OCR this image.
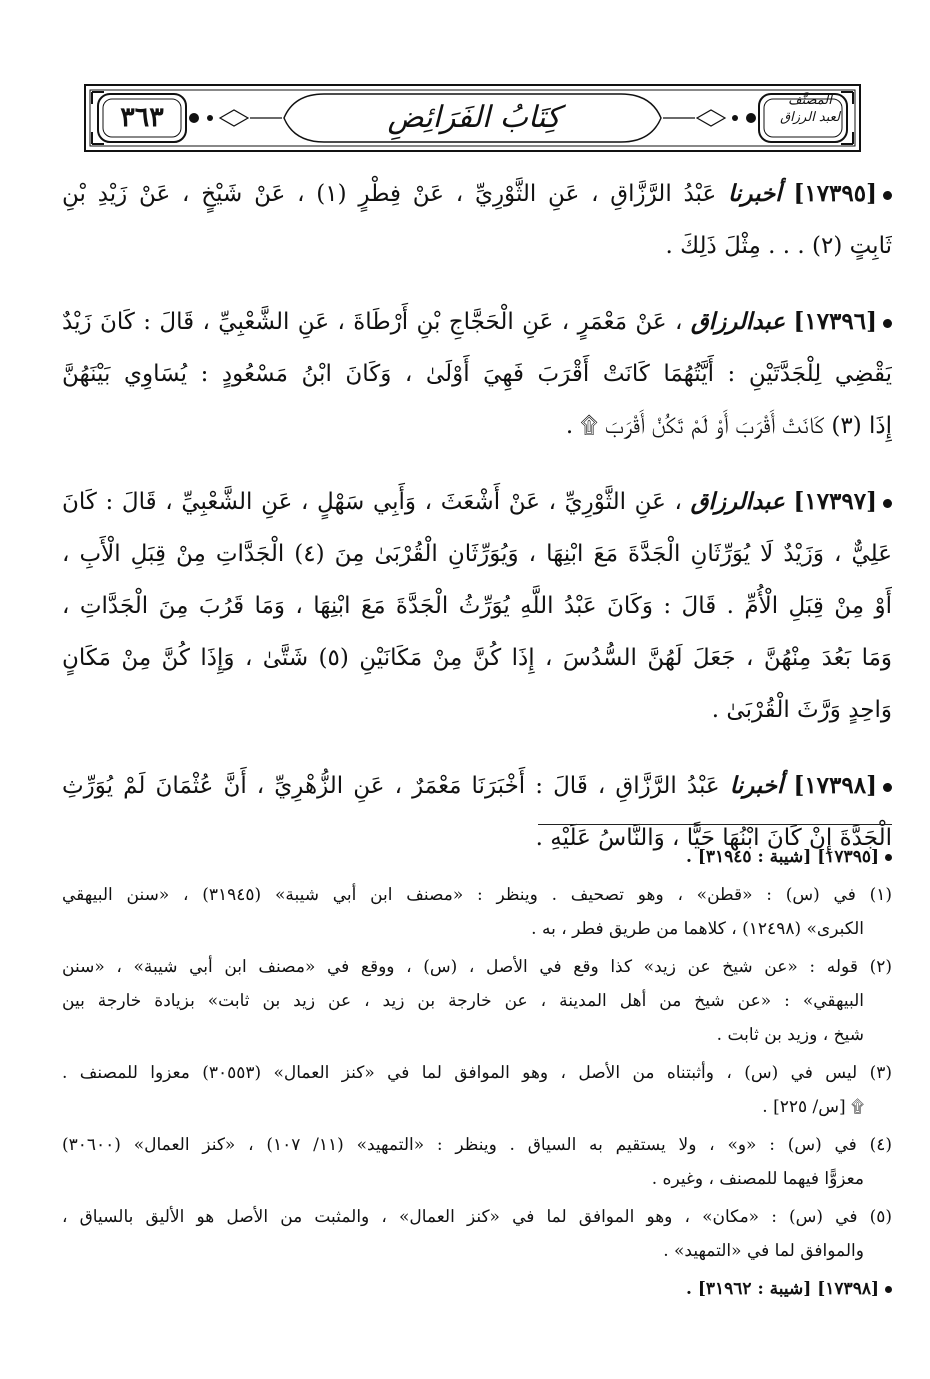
٣٦٣	كِتَابُ الفَرَائِضِ	المصنَّف
لعبد الرزاق
[١٧٣٩٥] أخبرنا عَبْدُ الرَّزَّاقِ ، عَنِ الثَّوْرِيِّ ، عَنْ فِطْرٍ (١) ، عَنْ شَيْخٍ ، عَنْ زَيْدِ بْنِ
ثَابِتٍ (٢) . . . مِثْلَ ذَلِكَ .
[١٧٣٩٦] عبدالرزاق ، عَنْ مَعْمَرٍ ، عَنِ الْحَجَّاجِ بْنِ أَرْطَاةَ ، عَنِ الشَّعْبِيِّ ، قَالَ : كَانَ زَيْدٌ
يَقْضِي لِلْجَدَّتَيْنِ : أَيَّتُهُمَا كَانَتْ أَقْرَبَ فَهِيَ أَوْلَىٰ ، وَكَانَ ابْنُ مَسْعُودٍ : يُسَاوِي بَيْنَهُنَّ
إِذَا (٣) كَانَتْ أَقْرَبَ أَوْ لَمْ تَكُنْ أَقْرَبَ ۩ .
[١٧٣٩٧] عبدالرزاق ، عَنِ الثَّوْرِيِّ ، عَنْ أَشْعَثَ ، وَأَبِي سَهْلٍ ، عَنِ الشَّعْبِيِّ ، قَالَ : كَانَ
عَلِيٌّ ، وَزَيْدٌ لَا يُوَرِّثَانِ الْجَدَّةَ مَعَ ابْنِهَا ، وَيُوَرِّثَانِ الْقُرْبَىٰ مِنَ (٤) الْجَدَّاتِ مِنْ قِبَلِ الْأَبِ ،
أَوْ مِنْ قِبَلِ الْأُمِّ . قَالَ : وَكَانَ عَبْدُ اللَّهِ يُوَرِّثُ الْجَدَّةَ مَعَ ابْنِهَا ، وَمَا قَرُبَ مِنَ الْجَدَّاتِ ،
وَمَا بَعُدَ مِنْهُنَّ ، جَعَلَ لَهُنَّ السُّدُسَ ، إِذَا كُنَّ مِنْ مَكَانَيْنِ (٥) شَتَّىٰ ، وَإِذَا كُنَّ مِنْ مَكَانٍ
وَاحِدٍ وَرَّثَ الْقُرْبَىٰ .
[١٧٣٩٨] أخبرنا عَبْدُ الرَّزَّاقِ ، قَالَ : أَخْبَرَنَا مَعْمَرٌ ، عَنِ الزُّهْرِيِّ ، أَنَّ عُثْمَانَ لَمْ يُوَرِّثِ
الْجَدَّةَ إِنْ كَانَ ابْنُهَا حَيًّا ، وَالنَّاسُ عَلَيْهِ .
[١٧٣٩٥] [شيبة : ٣١٩٤٥] .
(١) في (س) : «قطن» ، وهو تصحيف . وينظر : «مصنف ابن أبي شيبة» (٣١٩٤٥) ، «سنن البيهقي
الكبرى» (١٢٤٩٨) ، كلاهما من طريق فطر ، به .
(٢) قوله : «عن شيخ عن زيد» كذا وقع في الأصل ، (س) ، ووقع في «مصنف ابن أبي شيبة» ، «سنن
البيهقي» : «عن شيخ من أهل المدينة ، عن خارجة بن زيد ، عن زيد بن ثابت» بزيادة خارجة بين
شيخ ، وزيد بن ثابت .
(٣) ليس في (س) ، وأثبتناه من الأصل ، وهو الموافق لما في «كنز العمال» (٣٠٥٥٣) معزوا للمصنف .
۩ [س/ ٢٢٥] .
(٤) في (س) : «و» ، ولا يستقيم به السياق . وينظر : «التمهيد» (١١/ ١٠٧) ، «كنز العمال» (٣٠٦٠٠)
معزوًّا فيهما للمصنف ، وغيره .
(٥) في (س) : «مكان» ، وهو الموافق لما في «كنز العمال» ، والمثبت من الأصل هو الأليق بالسياق ،
والموافق لما في «التمهيد» .
[١٧٣٩٨] [شيبة : ٣١٩٦٢] .
